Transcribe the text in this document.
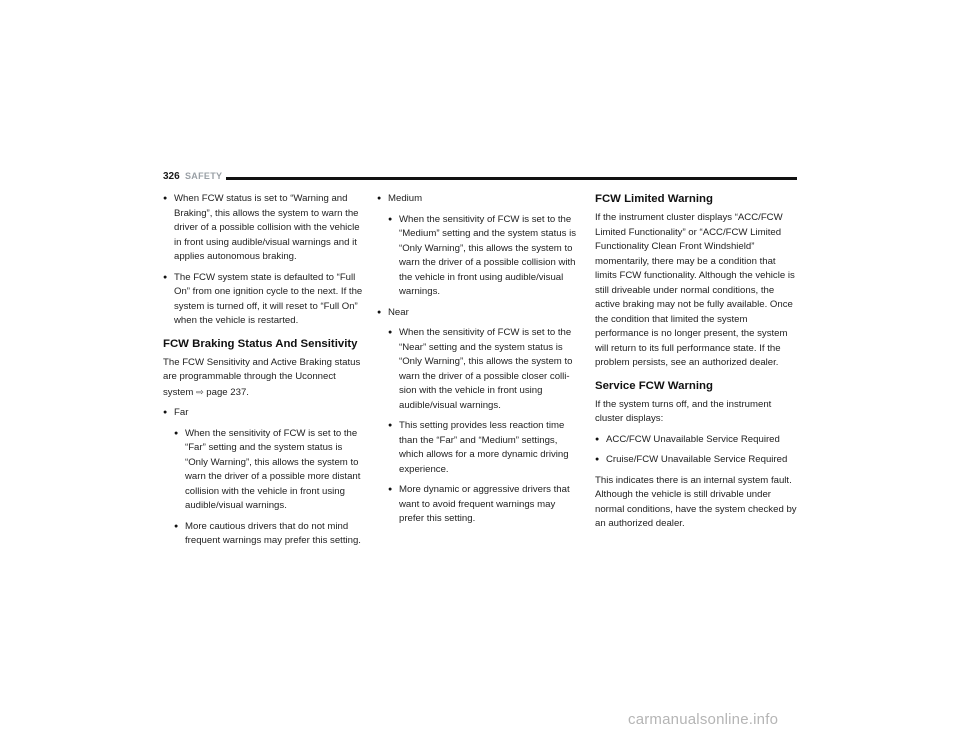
326 SAFETY
● When FCW status is set to “Warning and Braking”, this allows the system to warn the driver of a possible collision with the vehicle in front using audible/visual warnings and it applies autonomous braking.
● The FCW system state is defaulted to “Full On” from one ignition cycle to the next. If the system is turned off, it will reset to “Full On” when the vehicle is restarted.
FCW Braking Status And Sensitivity
The FCW Sensitivity and Active Braking status are programmable through the Uconnect system ⇨ page 237.
● Far
● When the sensitivity of FCW is set to the “Far” setting and the system status is “Only Warning”, this allows the system to warn the driver of a possible more distant collision with the vehicle in front using audible/visual warnings.
● More cautious drivers that do not mind frequent warnings may prefer this setting.
● Medium
● When the sensitivity of FCW is set to the “Medium” setting and the system status is “Only Warning”, this allows the system to warn the driver of a possible collision with the vehicle in front using audible/visual warnings.
● Near
● When the sensitivity of FCW is set to the “Near” setting and the system status is “Only Warning”, this allows the system to warn the driver of a possible closer colli-sion with the vehicle in front using audible/visual warnings.
● This setting provides less reaction time than the “Far” and “Medium” settings, which allows for a more dynamic driving experience.
● More dynamic or aggressive drivers that want to avoid frequent warnings may prefer this setting.
FCW Limited Warning
If the instrument cluster displays “ACC/FCW Limited Functionality” or “ACC/FCW Limited Functionality Clean Front Windshield” momentarily, there may be a condition that limits FCW functionality. Although the vehicle is still driveable under normal conditions, the active braking may not be fully available. Once the condition that limited the system performance is no longer present, the system will return to its full performance state. If the problem persists, see an authorized dealer.
Service FCW Warning
If the system turns off, and the instrument cluster displays:
● ACC/FCW Unavailable Service Required
● Cruise/FCW Unavailable Service Required
This indicates there is an internal system fault. Although the vehicle is still drivable under normal conditions, have the system checked by an authorized dealer.
carmanualsonline.info
